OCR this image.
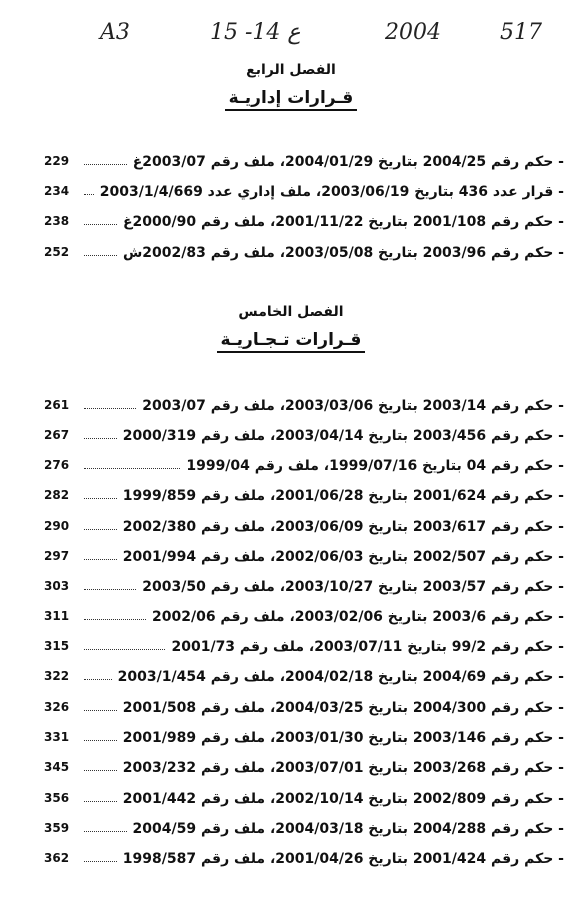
A3	15 -14 ع	2004	517
الفصل الرابع
قـرارات إداريـة
229	- حكم رقم 2004/25 بتاريخ 2004/01/29، ملف رقم 2003/07غ
234	- قرار عدد 436 بتاريخ 2003/06/19، ملف إداري عدد 2003/1/4/669
238	- حكم رقم 2001/108 بتاريخ 2001/11/22، ملف رقم 2000/90غ
252	- حكم رقم 2003/96 بتاريخ 2003/05/08، ملف رقم 2002/83ش
الفصل الخامس
قـرارات تـجـاريـة
261	- حكم رقم 2003/14 بتاريخ 2003/03/06، ملف رقم 2003/07
267	- حكم رقم 2003/456 بتاريخ 2003/04/14، ملف رقم 2000/319
276	- حكم رقم 04 بتاريخ 1999/07/16، ملف رقم 1999/04
282	- حكم رقم 2001/624 بتاريخ 2001/06/28، ملف رقم 1999/859
290	- حكم رقم 2003/617 بتاريخ 2003/06/09، ملف رقم 2002/380
297	- حكم رقم 2002/507 بتاريخ 2002/06/03، ملف رقم 2001/994
303	- حكم رقم 2003/57 بتاريخ 2003/10/27، ملف رقم 2003/50
311	- حكم رقم 2003/6 بتاريخ 2003/02/06، ملف رقم 2002/06
315	- حكم رقم 99/2 بتاريخ 2003/07/11، ملف رقم 2001/73
322	- حكم رقم 2004/69 بتاريخ 2004/02/18، ملف رقم 2003/1/454
326	- حكم رقم 2004/300 بتاريخ 2004/03/25، ملف رقم 2001/508
331	- حكم رقم 2003/146 بتاريخ 2003/01/30، ملف رقم 2001/989
345	- حكم رقم 2003/268 بتاريخ 2003/07/01، ملف رقم 2003/232
356	- حكم رقم 2002/809 بتاريخ 2002/10/14، ملف رقم 2001/442
359	- حكم رقم 2004/288 بتاريخ 2004/03/18، ملف رقم 2004/59
362	- حكم رقم 2001/424 بتاريخ 2001/04/26، ملف رقم 1998/587
